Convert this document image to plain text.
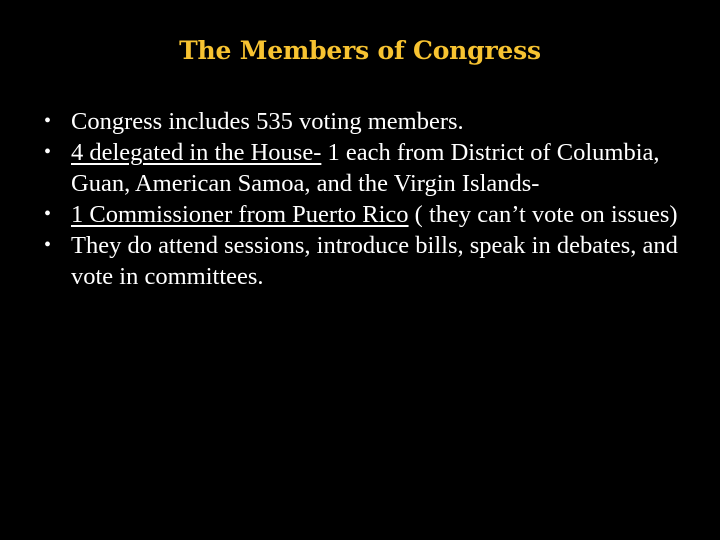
The Members of Congress
• Congress includes 535 voting members.
• 4 delegated in the House- 1 each from District of Columbia, Guan, American Samoa, and the Virgin Islands-
• 1 Commissioner from Puerto Rico ( they can’t vote on issues)
• They do attend sessions, introduce bills, speak in debates, and vote in committees.
